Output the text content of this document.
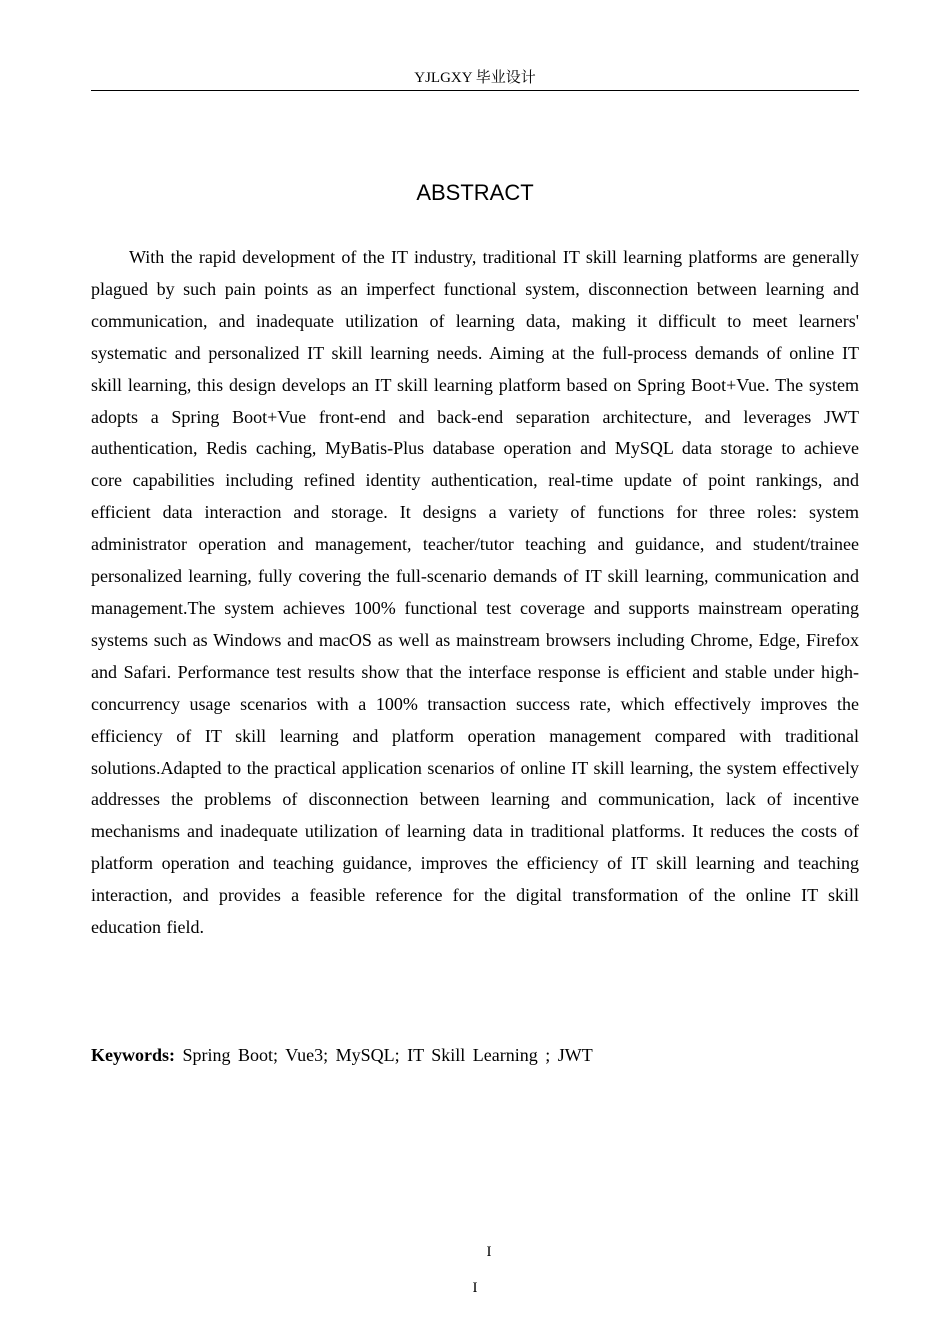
YJLGXY 毕业设计
ABSTRACT

With the rapid development of the IT industry, traditional IT skill learning platforms are generally plagued by such pain points as an imperfect functional system, disconnection between learning and communication, and inadequate utilization of learning data, making it difficult to meet learners' systematic and personalized IT skill learning needs. Aiming at the full-process demands of online IT skill learning, this design develops an IT skill learning platform based on Spring Boot+Vue. The system adopts a Spring Boot+Vue front-end and back-end separation architecture, and leverages JWT authentication, Redis caching, MyBatis-Plus database operation and MySQL data storage to achieve core capabilities including refined identity authentication, real-time update of point rankings, and efficient data interaction and storage. It designs a variety of functions for three roles: system administrator operation and management, teacher/tutor teaching and guidance, and student/trainee personalized learning, fully covering the full-scenario demands of IT skill learning, communication and management.The system achieves 100% functional test coverage and supports mainstream operating systems such as Windows and macOS as well as mainstream browsers including Chrome, Edge, Firefox and Safari. Performance test results show that the interface response is efficient and stable under high-concurrency usage scenarios with a 100% transaction success rate, which effectively improves the efficiency of IT skill learning and platform operation management compared with traditional solutions.Adapted to the practical application scenarios of online IT skill learning, the system effectively addresses the problems of disconnection between learning and communication, lack of incentive mechanisms and inadequate utilization of learning data in traditional platforms. It reduces the costs of platform operation and teaching guidance, improves the efficiency of IT skill learning and teaching interaction, and provides a feasible reference for the digital transformation of the online IT skill education field.

Keywords: Spring Boot; Vue3; MySQL; IT Skill Learning ; JWT
I
I
